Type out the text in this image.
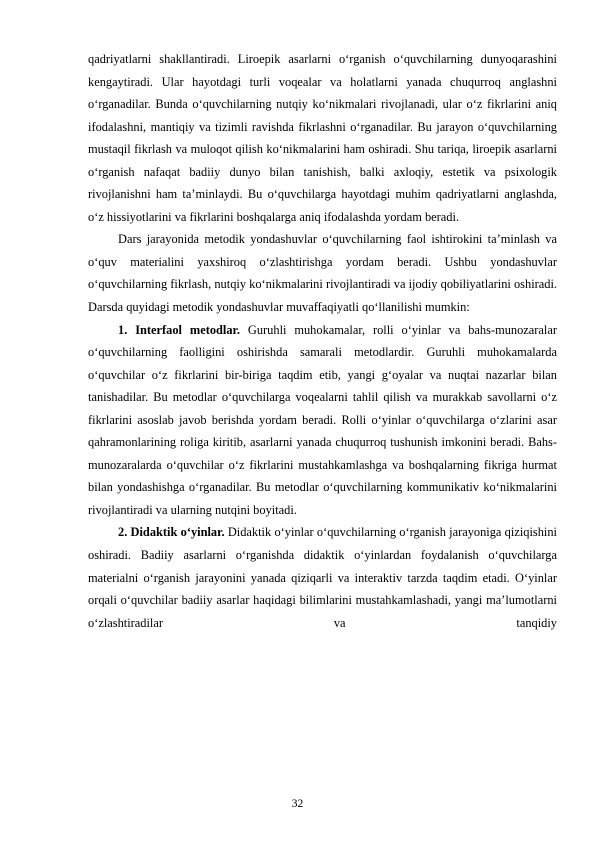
qadriyatlarni shakllantiradi. Liroepik asarlarni o‘rganish o‘quvchilarning dunyoqarashini kengaytiradi. Ular hayotdagi turli voqealar va holatlarni yanada chuqurroq anglashni o‘rganadilar. Bunda o‘quvchilarning nutqiy ko‘nikmalari rivojlanadi, ular o‘z fikrlarini aniq ifodalashni, mantiqiy va tizimli ravishda fikrlashni o‘rganadilar. Bu jarayon o‘quvchilarning mustaqil fikrlash va muloqot qilish ko‘nikmalarini ham oshiradi. Shu tariqa, liroepik asarlarni o‘rganish nafaqat badiiy dunyo bilan tanishish, balki axloqiy, estetik va psixologik rivojlanishni ham ta’minlaydi. Bu o‘quvchilarga hayotdagi muhim qadriyatlarni anglashda, o‘z hissiyotlarini va fikrlarini boshqalarga aniq ifodalashda yordam beradi.

Dars jarayonida metodik yondashuvlar o‘quvchilarning faol ishtirokini ta’minlash va o‘quv materialini yaxshiroq o‘zlashtirishga yordam beradi. Ushbu yondashuvlar o‘quvchilarning fikrlash, nutqiy ko‘nikmalarini rivojlantiradi va ijodiy qobiliyatlarini oshiradi. Darsda quyidagi metodik yondashuvlar muvaffaqiyatli qo‘llanilishi mumkin:

1. Interfaol metodlar. Guruhli muhokamalar, rolli o‘yinlar va bahs-munozaralar o‘quvchilarning faolligini oshirishda samarali metodlardir. Guruhli muhokamalarda o‘quvchilar o‘z fikrlarini bir-biriga taqdim etib, yangi g‘oyalar va nuqtai nazarlar bilan tanishadilar. Bu metodlar o‘quvchilarga voqealarni tahlil qilish va murakkab savollarni o‘z fikrlarini asoslab javob berishda yordam beradi. Rolli o‘yinlar o‘quvchilarga o‘zlarini asar qahramonlarining roliga kiritib, asarlarni yanada chuqurroq tushunish imkonini beradi. Bahs-munozaralarda o‘quvchilar o‘z fikrlarini mustahkamlashga va boshqalarning fikriga hurmat bilan yondashishga o‘rganadilar. Bu metodlar o‘quvchilarning kommunikativ ko‘nikmalarini rivojlantiradi va ularning nutqini boyitadi.

2. Didaktik o‘yinlar. Didaktik o‘yinlar o‘quvchilarning o‘rganish jarayoniga qiziqishini oshiradi. Badiiy asarlarni o‘rganishda didaktik o‘yinlardan foydalanish o‘quvchilarga materialni o‘rganish jarayonini yanada qiziqarli va interaktiv tarzda taqdim etadi. O‘yinlar orqali o‘quvchilar badiiy asarlar haqidagi bilimlarini mustahkamlashadi, yangi ma’lumotlarni o‘zlashtiradilar va tanqidiy

32
